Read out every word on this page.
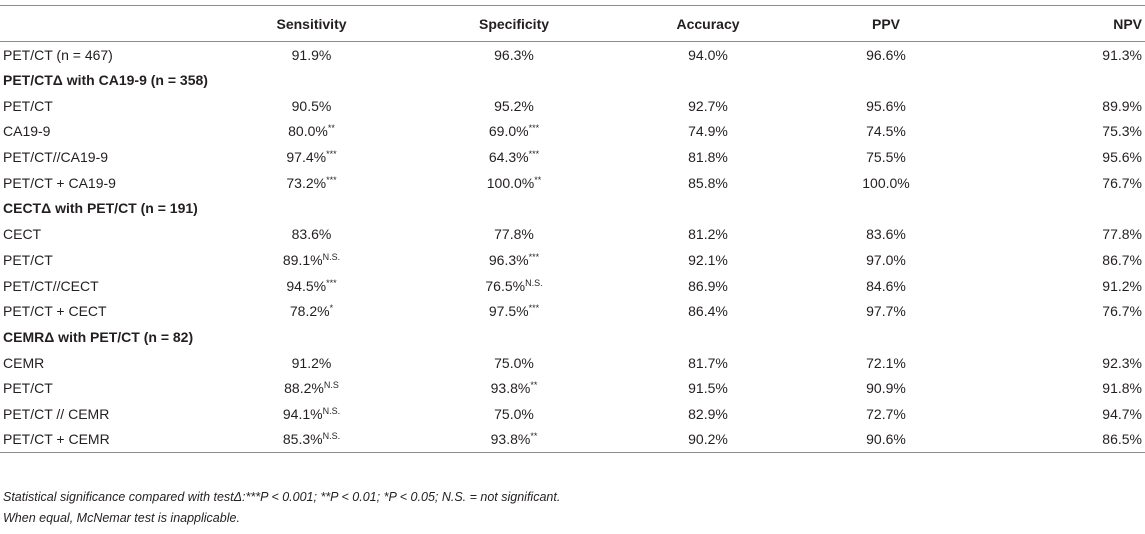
	Sensitivity	Specificity	Accuracy	PPV	NPV
PET/CT (n = 467)	91.9%	96.3%	94.0%	96.6%	91.3%
PET/CTΔ with CA19-9 (n = 358)					
PET/CT	90.5%	95.2%	92.7%	95.6%	89.9%
CA19-9	80.0%**	69.0%***	74.9%	74.5%	75.3%
PET/CT//CA19-9	97.4%***	64.3%***	81.8%	75.5%	95.6%
PET/CT + CA19-9	73.2%***	100.0%**	85.8%	100.0%	76.7%
CECTΔ with PET/CT (n = 191)					
CECT	83.6%	77.8%	81.2%	83.6%	77.8%
PET/CT	89.1%$^{N.S.}$	96.3%***	92.1%	97.0%	86.7%
PET/CT//CECT	94.5%***	76.5%$^{N.S.}$	86.9%	84.6%	91.2%
PET/CT + CECT	78.2%*	97.5%***	86.4%	97.7%	76.7%
CEMRΔ with PET/CT (n = 82)					
CEMR	91.2%	75.0%	81.7%	72.1%	92.3%
PET/CT	88.2%$^{N.S}$	93.8%**	91.5%	90.9%	91.8%
PET/CT // CEMR	94.1%$^{N.S.}$	75.0%	82.9%	72.7%	94.7%
PET/CT + CEMR	85.3%$^{N.S.}$	93.8%**	90.2%	90.6%	86.5%
Statistical significance compared with testΔ:***P < 0.001; **P < 0.01; *P < 0.05; N.S. = not significant.
When equal, McNemar test is inapplicable.
